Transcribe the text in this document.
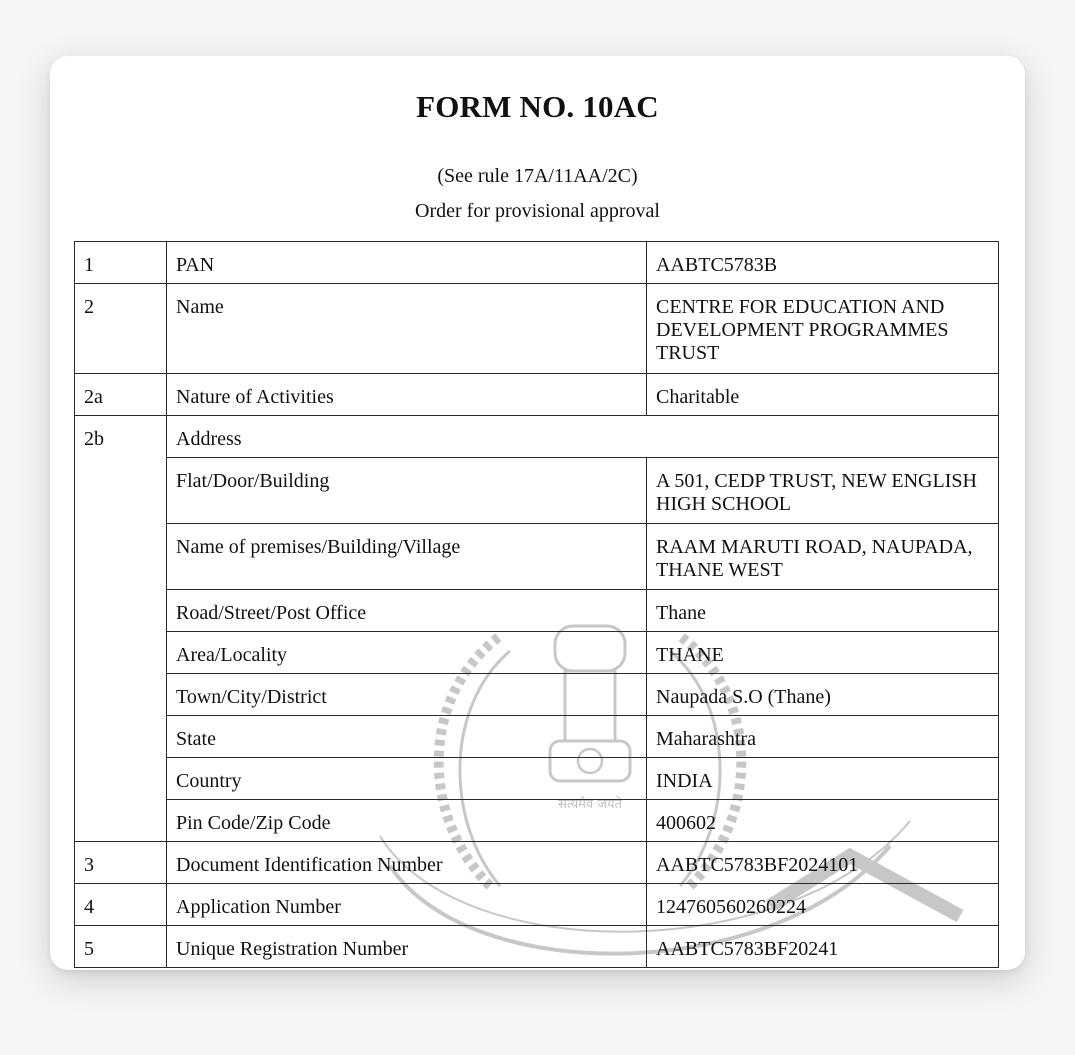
FORM NO. 10AC
(See rule 17A/11AA/2C)
Order for provisional approval
सत्यमेव जयते
1	PAN	AABTC5783B
2	Name	CENTRE FOR EDUCATION AND DEVELOPMENT PROGRAMMES TRUST
2a	Nature of Activities	Charitable
2b	Address	
	Flat/Door/Building	A 501, CEDP TRUST, NEW ENGLISH HIGH SCHOOL
	Name of premises/Building/Village	RAAM MARUTI ROAD, NAUPADA, THANE WEST
	Road/Street/Post Office	Thane
	Area/Locality	THANE
	Town/City/District	Naupada S.O (Thane)
	State	Maharashtra
	Country	INDIA
	Pin Code/Zip Code	400602
3	Document Identification Number	AABTC5783BF2024101
4	Application Number	124760560260224
5	Unique Registration Number	AABTC5783BF20241
